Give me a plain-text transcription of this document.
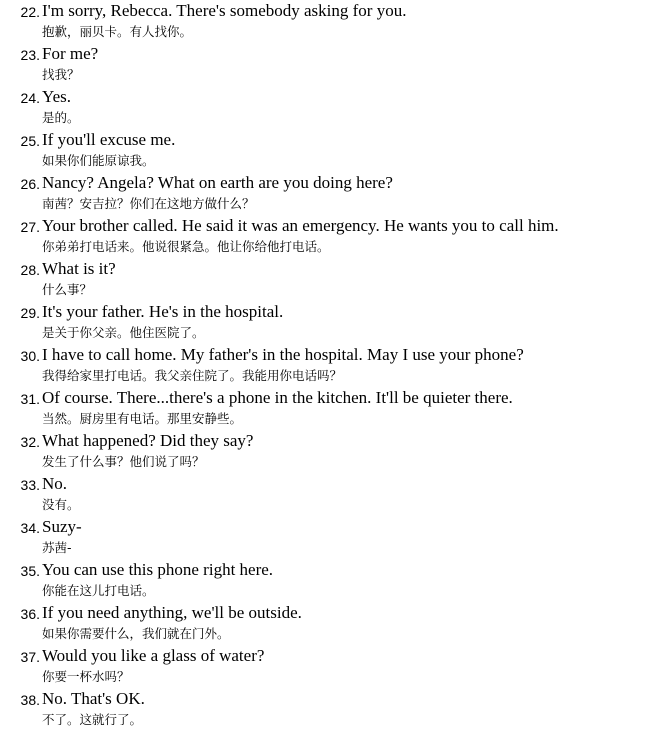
22. I'm sorry, Rebecca. There's somebody asking for you.
抱歉，丽贝卡。有人找你。
23. For me?
找我？
24. Yes.
是的。
25. If you'll excuse me.
如果你们能原谅我。
26. Nancy? Angela? What on earth are you doing here?
南茜？安吉拉？你们在这地方做什么？
27. Your brother called. He said it was an emergency. He wants you to call him.
你弟弟打电话来。他说很紧急。他让你给他打电话。
28. What is it?
什么事？
29. It's your father. He's in the hospital.
是关于你父亲。他住医院了。
30. I have to call home. My father's in the hospital. May I use your phone?
我得给家里打电话。我父亲住院了。我能用你电话吗？
31. Of course. There...there's a phone in the kitchen. It'll be quieter there.
当然。厨房里有电话。那里安静些。
32. What happened? Did they say?
发生了什么事？他们说了吗？
33. No.
没有。
34. Suzy-
苏茜-
35. You can use this phone right here.
你能在这儿打电话。
36. If you need anything, we'll be outside.
如果你需要什么，我们就在门外。
37. Would you like a glass of water?
你要一杯水吗？
38. No. That's OK.
不了。这就行了。
